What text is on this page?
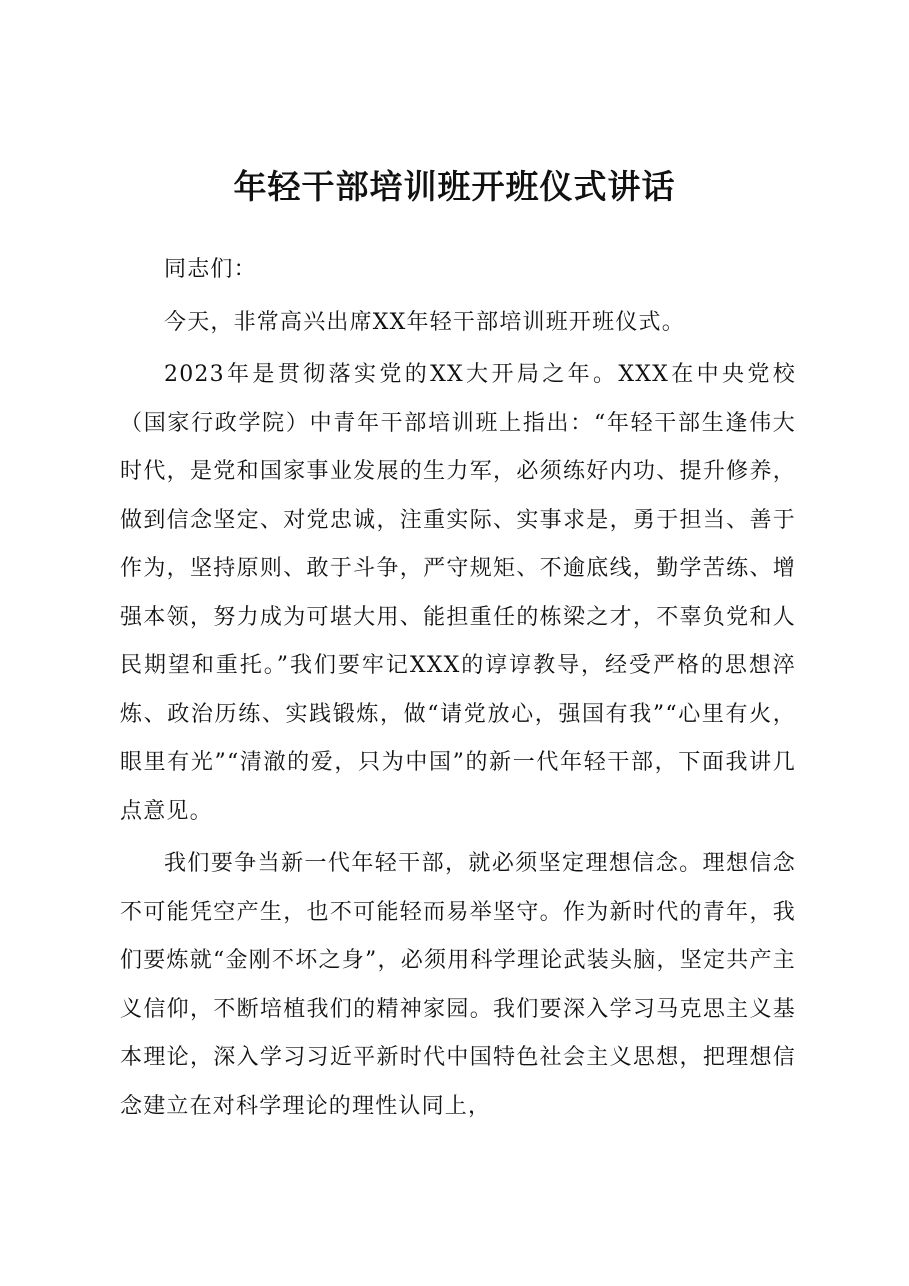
年轻干部培训班开班仪式讲话

同志们：

今天，非常高兴出席XX年轻干部培训班开班仪式。

2023年是贯彻落实党的XX大开局之年。XXX在中央党校（国家行政学院）中青年干部培训班上指出：“年轻干部生逢伟大时代，是党和国家事业发展的生力军，必须练好内功、提升修养，做到信念坚定、对党忠诚，注重实际、实事求是，勇于担当、善于作为，坚持原则、敢于斗争，严守规矩、不逾底线，勤学苦练、增强本领，努力成为可堪大用、能担重任的栋梁之才，不辜负党和人民期望和重托。”我们要牢记XXX的谆谆教导，经受严格的思想淬炼、政治历练、实践锻炼，做“请党放心，强国有我”“心里有火，眼里有光”“清澈的爱，只为中国”的新一代年轻干部，下面我讲几点意见。

我们要争当新一代年轻干部，就必须坚定理想信念。理想信念不可能凭空产生，也不可能轻而易举坚守。作为新时代的青年，我们要炼就“金刚不坏之身”，必须用科学理论武装头脑，坚定共产主义信仰，不断培植我们的精神家园。我们要深入学习马克思主义基本理论，深入学习习近平新时代中国特色社会主义思想，把理想信念建立在对科学理论的理性认同上，
